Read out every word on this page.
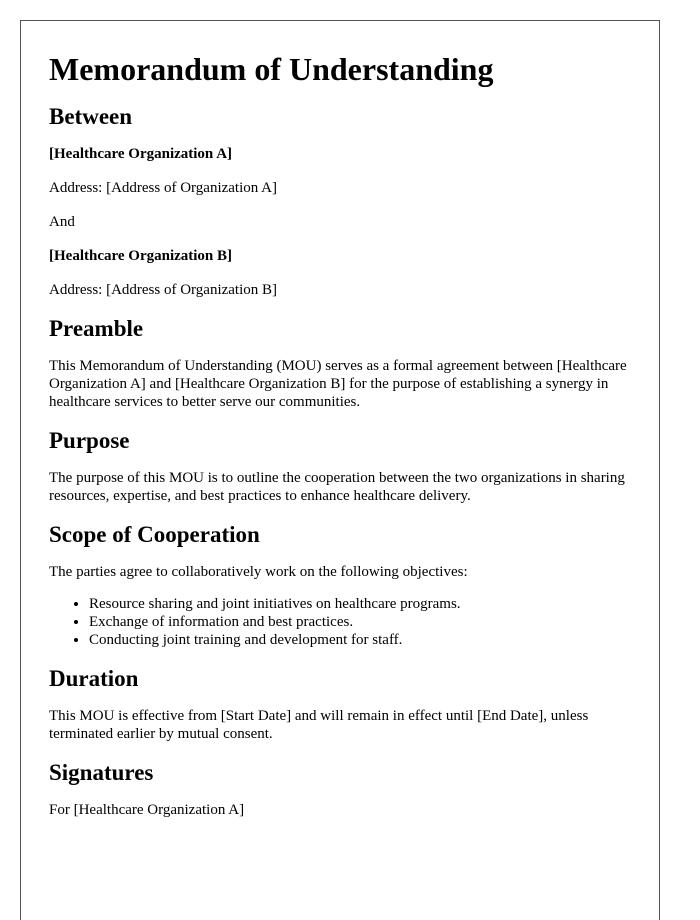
Memorandum of Understanding
Between

[Healthcare Organization A]

Address: [Address of Organization A]

And

[Healthcare Organization B]

Address: [Address of Organization B]

Preamble

This Memorandum of Understanding (MOU) serves as a formal agreement between [Healthcare Organization A] and [Healthcare Organization B] for the purpose of establishing a synergy in healthcare services to better serve our communities.

Purpose

The purpose of this MOU is to outline the cooperation between the two organizations in sharing resources, expertise, and best practices to enhance healthcare delivery.

Scope of Cooperation

The parties agree to collaboratively work on the following objectives:

• Resource sharing and joint initiatives on healthcare programs.
• Exchange of information and best practices.
• Conducting joint training and development for staff.
Duration

This MOU is effective from [Start Date] and will remain in effect until [End Date], unless terminated earlier by mutual consent.

Signatures

For [Healthcare Organization A]
